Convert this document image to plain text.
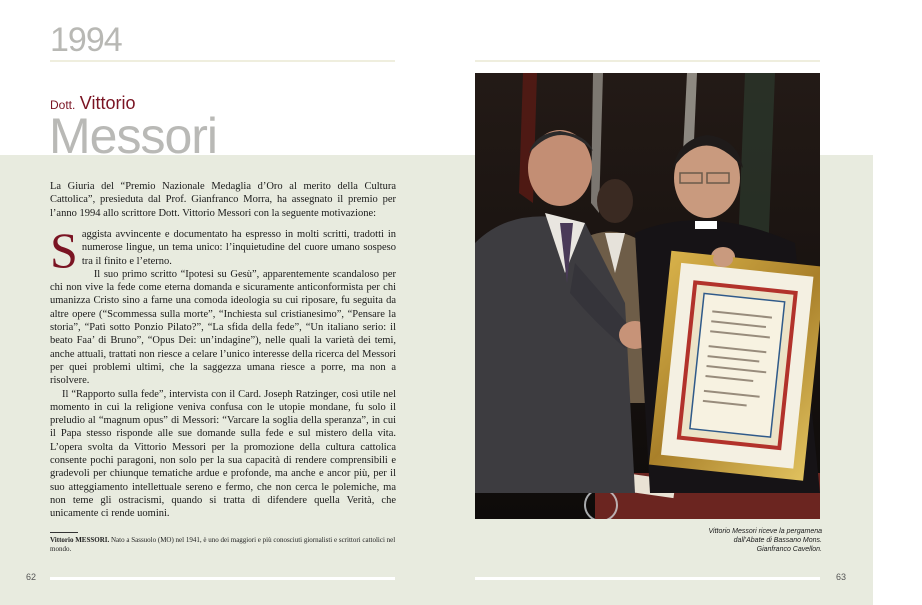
1994
Dott. Vittorio
Messori

La Giuria del “Premio Nazionale Medaglia d’Oro al merito della Cultura Cattolica”, presieduta dal Prof. Gianfranco Morra, ha assegnato il premio per l’anno 1994 allo scrittore Dott. Vittorio Messori con la seguente motivazione:

Saggista avvincente e documentato ha espresso in molti scritti, tradotti in numerose lingue, un tema unico: l’inquietudine del cuore umano sospeso tra il finito e l’eterno.

Il suo primo scritto “Ipotesi su Gesù”, apparentemente scandaloso per chi non vive la fede come eterna domanda e sicuramente anticonformista per chi umanizza Cristo sino a farne una comoda ideologia su cui riposare, fu seguita da altre opere (“Scommessa sulla morte”, “Inchiesta sul cristianesimo”, “Pensare la storia”, “Patì sotto Ponzio Pilato?”, “La sfida della fede”, “Un italiano serio: il beato Faa’ di Bruno”, “Opus Dei: un’indagine”), nelle quali la varietà dei temi, anche attuali, trattati non riesce a celare l’unico interesse della ricerca del Messori per quei problemi ultimi, che la saggezza umana riesce a porre, ma non a risolvere.

Il “Rapporto sulla fede”, intervista con il Card. Joseph Ratzinger, così utile nel momento in cui la religione veniva confusa con le utopie mondane, fu solo il preludio al “magnum opus” di Messori: “Varcare la soglia della speranza”, in cui il Papa stesso risponde alle sue domande sulla fede e sul mistero della vita. L’opera svolta da Vittorio Messori per la promozione della cultura cattolica consente pochi paragoni, non solo per la sua capacità di rendere comprensibili e gradevoli per chiunque tematiche ardue e profonde, ma anche e ancor più, per il suo atteggiamento intellettuale sereno e fermo, che non cerca le polemiche, ma non teme gli ostracismi, quando si tratta di difendere quella Verità, che unicamente ci rende uomini.

Vittorio MESSORI. Nato a Sassuolo (MO) nel 1941, è uno dei maggiori e più conosciuti giornalisti e scrittori cattolici nel mondo.

62

Vittorio Messori riceve la pergamena dall’Abate di Bassano Mons. Gianfranco Cavellon.

63
